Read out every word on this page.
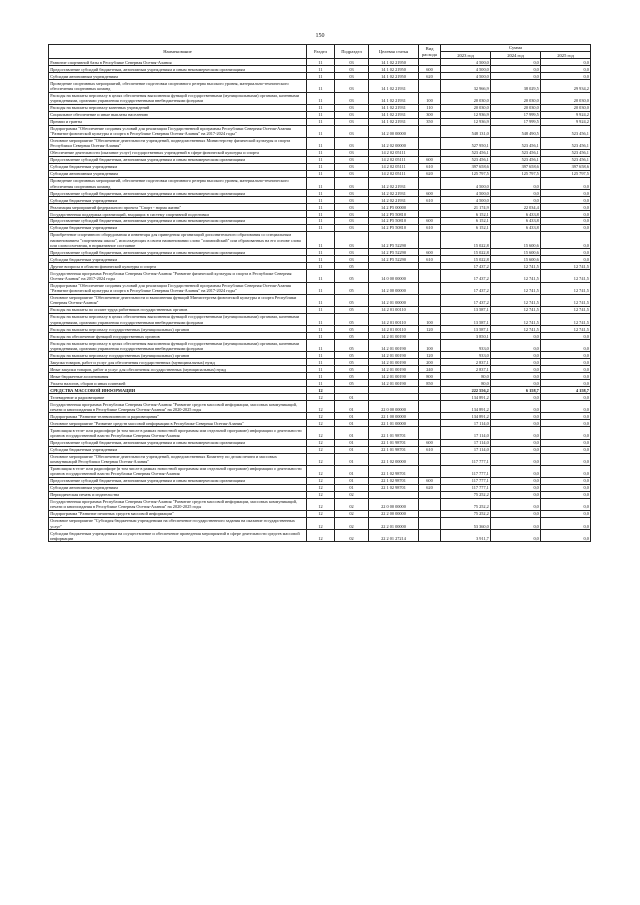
150
Наименование	Раздел	Подраздел	Целевая статья	Вид расхода	Сумма		
					2023 год	2024 год	2025 год
Развитие спортивной базы в Республике Северная Осетия-Алания	11	03	14 1 02 21950		4 500,0	0,0	0,0
Предоставление субсидий бюджетным, автономным учреждениям и иным некоммерческим организациям	11	03	14 1 02 21950	600	4 500,0	0,0	0,0
Субсидии автономным учреждениям	11	03	14 1 02 21950	620	4 500,0	0,0	0,0
Проведение спортивных мероприятий, обеспечение подготовки спортивного резерва высокого уровня, материально-технического обеспечения спортивных команд	11	03	14 1 02 21931		32 966,9	38 029,5	29 934,2
Расходы на выплаты персоналу в целях обеспечения выполнения функций государственными (муниципальными) органами, казенными учреждениями, органами управления государственными внебюджетными фондами	11	03	14 1 02 21931	100	20 030,0	20 030,0	20 030,0
Расходы на выплаты персоналу казенных учреждений	11	03	14 1 02 21931	110	20 030,0	20 030,0	20 030,0
Социальное обеспечение и иные выплаты населению	11	03	14 1 02 21931	300	12 936,9	17 999,5	9 924,2
Премии и гранты	11	03	14 1 02 21931	350	12 936,9	17 999,5	9 924,2
Подпрограмма "Обеспечение создания условий для реализации Государственной программы Республики Северная Осетия-Алания "Развитие физической культуры и спорта в Республике Северная Осетия-Алания" на 2017-2024 годы"	11	03	14 2 00 00000		548 131,0	548 490,5	523 456,1
Основное мероприятие "Обеспечение деятельности учреждений, подведомственных Министерству физической культуры и спорта Республики Северная Осетия-Алания"	11	03	14 2 02 00000		527 950,1	523 456,1	523 456,1
Обеспечение деятельности (оказание услуг) государственных учреждений в сфере физической культуры и спорта	11	03	14 2 02 05111		523 456,1	523 456,1	523 456,1
Предоставление субсидий бюджетным, автономным учреждениям и иным некоммерческим организациям	11	03	14 2 02 05111	600	523 456,1	523 456,1	523 456,1
Субсидии бюджетным учреждениям	11	03	14 2 02 05111	610	397 658,6	397 658,6	397 658,6
Субсидии автономным учреждениям	11	03	14 2 02 05111	620	125 797,5	125 797,5	125 797,5
Проведение спортивных мероприятий, обеспечение подготовки спортивного резерва высокого уровня, материально-технического обеспечения спортивных команд	11	03	14 2 02 21931		4 500,0	0,0	0,0
Предоставление субсидий бюджетным, автономным учреждениям и иным некоммерческим организациям	11	03	14 2 02 21931	600	4 500,0	0,0	0,0
Субсидии бюджетным учреждениям	11	03	14 2 02 21931	610	4 500,0	0,0	0,0
Реализация мероприятий федерального проекта "Спорт - норма жизни"	11	03	14 2 P5 00000		21 174,9	22 034,4	0,0
Государственная поддержка организаций, входящих в систему спортивной подготовки	11	03	14 2 P5 50810		6 152,1	6 433,8	0,0
Предоставление субсидий бюджетным, автономным учреждениям и иным некоммерческим организациям	11	03	14 2 P5 50810	600	6 152,1	6 433,8	0,0
Субсидии бюджетным учреждениям	11	03	14 2 P5 50810	610	6 152,1	6 433,8	0,0
Приобретение спортивного оборудования и инвентаря для приведения организаций дополнительного образования со специальным наименованием "спортивная школа", использующих в своем наименовании слово "олимпийский" или образованных на его основе слова или словосочетания, в нормативное состояние	11	03	14 2 P5 52290		15 022,8	15 600,6	0,0
Предоставление субсидий бюджетным, автономным учреждениям и иным некоммерческим организациям	11	03	14 2 P5 52290	600	15 022,8	15 600,6	0,0
Субсидии бюджетным учреждениям	11	03	14 2 P5 52290	610	15 022,8	15 600,6	0,0
Другие вопросы в области физической культуры и спорта	11	05			17 437,2	12 741,5	12 741,5
Государственная программа Республики Северная Осетия-Алания "Развитие физической культуры и спорта в Республике Северная Осетия-Алания" на 2017-2024 годы	11	05	14 0 00 00000		17 437,2	12 741,5	12 741,5
Подпрограмма "Обеспечение создания условий для реализации Государственной программы Республики Северная Осетия-Алания "Развитие физической культуры и спорта в Республике Северная Осетия-Алания" на 2017-2024 годы"	11	05	14 2 00 00000		17 437,2	12 741,5	12 741,5
Основное мероприятие "Обеспечение деятельности и выполнения функций Министерства физической культуры и спорта Республики Северная Осетия-Алания"	11	05	14 2 01 00000		17 437,2	12 741,5	12 741,5
Расходы на выплаты по оплате труда работников государственных органов	11	05	14 2 01 00110		13 587,1	12 741,5	12 741,5
Расходы на выплаты персоналу в целях обеспечения выполнения функций государственными (муниципальными) органами, казенными учреждениями, органами управления государственными внебюджетными фондами	11	05	14 2 01 00110	100	13 587,1	12 741,5	12 741,5
Расходы на выплаты персоналу государственных (муниципальных) органов	11	05	14 2 01 00110	120	13 587,1	12 741,5	12 741,5
Расходы на обеспечение функций государственных органов	11	05	14 2 01 00190		3 850,1	0,0	0,0
Расходы на выплаты персоналу в целях обеспечения выполнения функций государственными (муниципальными) органами, казенными учреждениями, органами управления государственными внебюджетными фондами	11	05	14 2 01 00190	100	933,0	0,0	0,0
Расходы на выплаты персоналу государственных (муниципальных) органов	11	05	14 2 01 00190	120	933,0	0,0	0,0
Закупка товаров, работ и услуг для обеспечения государственных (муниципальных) нужд	11	05	14 2 01 00190	200	2 837,1	0,0	0,0
Иные закупки товаров, работ и услуг для обеспечения государственных (муниципальных) нужд	11	05	14 2 01 00190	240	2 837,1	0,0	0,0
Иные бюджетные ассигнования	11	05	14 2 01 00190	800	80,0	0,0	0,0
Уплата налогов, сборов и иных платежей	11	05	14 2 01 00190	850	80,0	0,0	0,0
СРЕДСТВА МАССОВОЙ ИНФОРМАЦИИ	12				222 556,2	6 158,7	4 158,7
Телевидение и радиовещание	12	01			134 891,2	0,0	0,0
Государственная программа Республики Северная Осетия-Алания "Развитие средств массовой информации, массовых коммуникаций, печати и книгоиздания в Республике Северная Осетия-Алания" на 2020-2025 годы	12	01	22 0 00 00000		134 891,2	0,0	0,0
Подпрограмма "Развитие телевизионного и радиовещания"	12	01	22 1 00 00000		134 891,2	0,0	0,0
Основное мероприятие "Развитие средств массовой информации в Республике Северная Осетия-Алания"	12	01	22 1 01 00000		17 114,0	0,0	0,0
Трансляция в теле- или радиоэфире (в том числе в рамках новостной программы или отдельной программе) информации о деятельности органов государственной власти Республики Северная Осетия-Алания	12	01	22 1 01 98701		17 114,0	0,0	0,0
Предоставление субсидий бюджетным, автономным учреждениям и иным некоммерческим организациям	12	01	22 1 01 98701	600	17 114,0	0,0	0,0
Субсидии бюджетным учреждениям	12	01	22 1 01 98701	610	17 114,0	0,0	0,0
Основное мероприятие "Обеспечение деятельности учреждений, подведомственных Комитету по делам печати и массовых коммуникаций Республики Северная Осетия-Алания"	12	01	22 1 02 00000		117 777,1	0,0	0,0
Трансляция в теле- или радиоэфире (в том числе в рамках новостной программы или отдельной программе) информации о деятельности органов государственной власти Республики Северная Осетия-Алания	12	01	22 1 02 98701		117 777,1	0,0	0,0
Предоставление субсидий бюджетным, автономным учреждениям и иным некоммерческим организациям	12	01	22 1 02 98701	600	117 777,1	0,0	0,0
Субсидии автономным учреждениям	12	01	22 1 02 98701	620	117 777,1	0,0	0,0
Периодическая печать и издательства	12	02			75 252,2	0,0	0,0
Государственная программа Республики Северная Осетия-Алания "Развитие средств массовой информации, массовых коммуникаций, печати и книгоиздания в Республике Северная Осетия-Алания" на 2020-2025 годы	12	02	22 0 00 00000		75 252,2	0,0	0,0
Подпрограмма "Развитие печатных средств массовой информации"	12	02	22 2 00 00000		75 252,2	0,0	0,0
Основное мероприятие "Субсидия бюджетным учреждениям на обеспечение государственного задания на оказание государственных услуг"	12	02	22 2 01 00000		53 360,0	0,0	0,0
Субсидии бюджетным учреждениям на осуществление и обеспечение проведения мероприятий в сфере деятельности средств массовой информации	12	02	22 2 01 27214		3 911,7	0,0	0,0
